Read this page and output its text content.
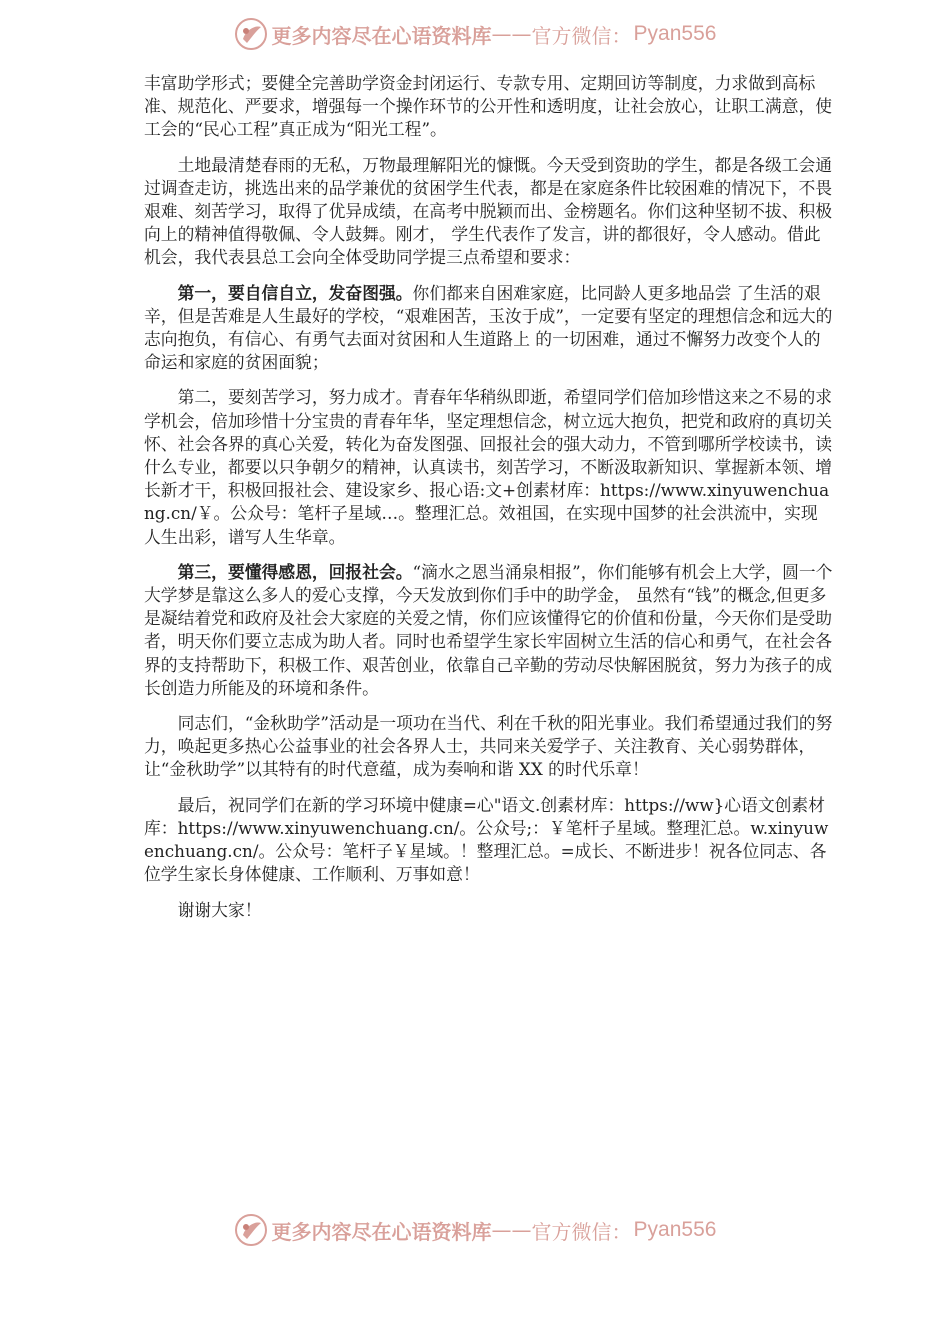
更多内容尽在心语资料库 —— 官方微信： Pyan556

丰富助学形式；要健全完善助学资金封闭运行、专款专用、定期回访等制度，力求做到高标准、规范化、严要求，增强每一个操作环节的公开性和透明度，让社会放心，让职工满意，使工会的“民心工程”真正成为“阳光工程”。

土地最清楚春雨的无私，万物最理解阳光的慷慨。今天受到资助的学生，都是各级工会通过调查走访，挑选出来的品学兼优的贫困学生代表，都是在家庭条件比较困难的情况下，不畏艰难、刻苦学习，取得了优异成绩，在高考中脱颖而出、金榜题名。你们这种坚韧不拔、积极向上的精神值得敬佩、令人鼓舞。刚才， 学生代表作了发言，讲的都很好，令人感动。借此机会，我代表县总工会向全体受助同学提三点希望和要求：

第一，要自信自立，发奋图强。你们都来自困难家庭，比同龄人更多地品尝 了生活的艰辛，但是苦难是人生最好的学校，“艰难困苦，玉汝于成”，一定要有坚定的理想信念和远大的志向抱负，有信心、有勇气去面对贫困和人生道路上 的一切困难，通过不懈努力改变个人的命运和家庭的贫困面貌；

第二，要刻苦学习，努力成才。青春年华稍纵即逝，希望同学们倍加珍惜这来之不易的求学机会，倍加珍惜十分宝贵的青春年华，坚定理想信念，树立远大抱负，把党和政府的真切关怀、社会各界的真心关爱，转化为奋发图强、回报社会的强大动力，不管到哪所学校读书，读什么专业，都要以只争朝夕的精神，认真读书，刻苦学习，不断汲取新知识、掌握新本领、增长新才干，积极回报社会、建设家乡、报心语:文+创素材库：https://www.xinyuwenchuang.cn/￥。公众号：笔杆子星域…。整理汇总。效祖国，在实现中国梦的社会洪流中，实现人生出彩，谱写人生华章。

第三，要懂得感恩，回报社会。“滴水之恩当涌泉相报”，你们能够有机会上大学，圆一个大学梦是靠这么多人的爱心支撑，今天发放到你们手中的助学金， 虽然有“钱”的概念,但更多是凝结着党和政府及社会大家庭的关爱之情，你们应该懂得它的价值和份量，今天你们是受助者，明天你们要立志成为助人者。同时也希望学生家长牢固树立生活的信心和勇气，在社会各界的支持帮助下，积极工作、艰苦创业，依靠自己辛勤的劳动尽快解困脱贫，努力为孩子的成长创造力所能及的环境和条件。

同志们，“金秋助学”活动是一项功在当代、利在千秋的阳光事业。我们希望通过我们的努力，唤起更多热心公益事业的社会各界人士，共同来关爱学子、关注教育、关心弱势群体，让“金秋助学”以其特有的时代意蕴，成为奏响和谐 XX 的时代乐章！

最后，祝同学们在新的学习环境中健康=心"语文.创素材库：https://ww}心语文创素材库：https://www.xinyuwenchuang.cn/。公众号;：￥笔杆子星域。整理汇总。w.xinyuwenchuang.cn/。公众号：笔杆子￥星域。！整理汇总。=成长、不断进步！祝各位同志、各位学生家长身体健康、工作顺利、万事如意！

谢谢大家！

更多内容尽在心语资料库 —— 官方微信： Pyan556
